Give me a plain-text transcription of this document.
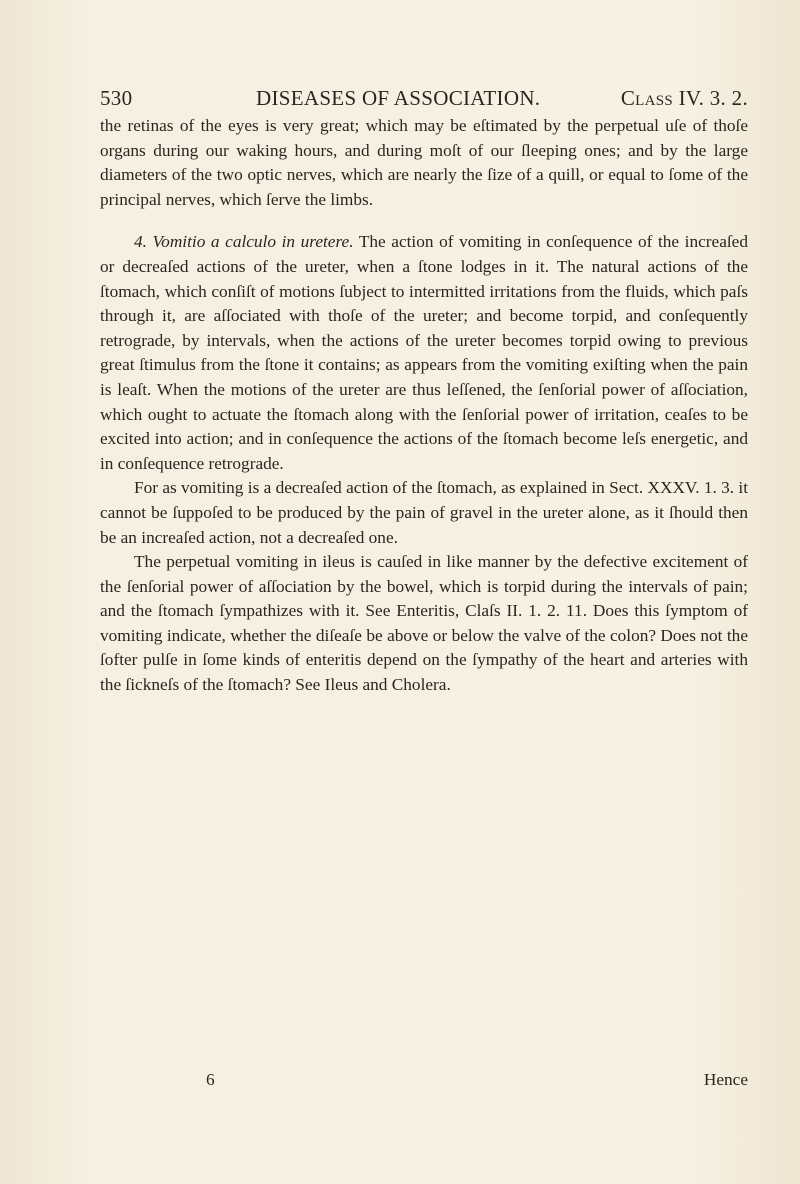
530	DISEASES OF ASSOCIATION.	Class IV. 3. 2.

the retinas of the eyes is very great; which may be eſtimated by the perpetual uſe of thoſe organs during our waking hours, and during moſt of our ſleeping ones; and by the large diameters of the two optic nerves, which are nearly the ſize of a quill, or equal to ſome of the principal nerves, which ſerve the limbs.

4. Vomitio a calculo in uretere. The action of vomiting in conſequence of the increaſed or decreaſed actions of the ureter, when a ſtone lodges in it. The natural actions of the ſtomach, which conſiſt of motions ſubject to intermitted irritations from the fluids, which paſs through it, are aſſociated with thoſe of the ureter; and become torpid, and conſequently retrograde, by intervals, when the actions of the ureter becomes torpid owing to previous great ſtimulus from the ſtone it contains; as appears from the vomiting exiſting when the pain is leaſt. When the motions of the ureter are thus leſſened, the ſenſorial power of aſſociation, which ought to actuate the ſtomach along with the ſenſorial power of irritation, ceaſes to be excited into action; and in conſequence the actions of the ſtomach become leſs energetic, and in conſequence retrograde.

For as vomiting is a decreaſed action of the ſtomach, as explained in Sect. XXXV. 1. 3. it cannot be ſuppoſed to be produced by the pain of gravel in the ureter alone, as it ſhould then be an increaſed action, not a decreaſed one.

The perpetual vomiting in ileus is cauſed in like manner by the defective excitement of the ſenſorial power of aſſociation by the bowel, which is torpid during the intervals of pain; and the ſtomach ſympathizes with it. See Enteritis, Claſs II. 1. 2. 11. Does this ſymptom of vomiting indicate, whether the diſeaſe be above or below the valve of the colon? Does not the ſofter pulſe in ſome kinds of enteritis depend on the ſympathy of the heart and arteries with the ſickneſs of the ſtomach? See Ileus and Cholera.

6	Hence
